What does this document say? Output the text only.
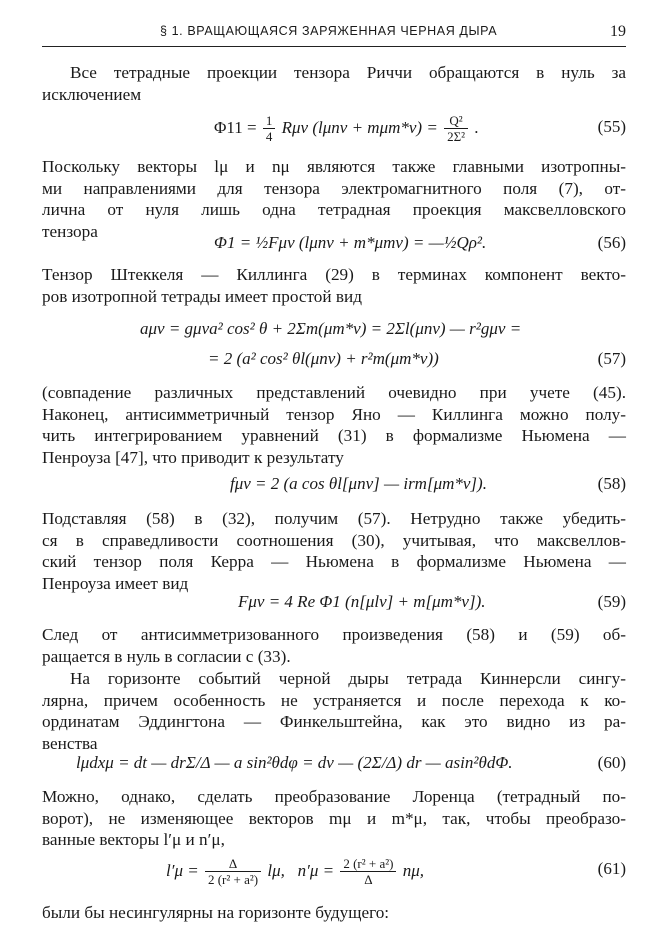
§ 1. ВРАЩАЮЩАЯСЯ ЗАРЯЖЕННАЯ ЧЕРНАЯ ДЫРА	19
Все тетрадные проекции тензора Риччи обращаются в нуль за
исключением
$\Phi 11 = \frac{1}{4}$ Rμν $(l\mu n\nu + m\mu m*\nu) = \frac{\text{Q²}}{\text{2Σ²}}$ .	(55)
Поскольку векторы lμ и nμ являются также главными изотропны-
ми направлениями для тензора электромагнитного поля (7), от-
лична от нуля лишь одна тетрадная проекция максвелловского
тензора
Φ1 = ½Fμν (lμnν + m*μmν) = —½Qρ².	(56)
Тензор Штеккеля — Киллинга (29) в терминах компонент векто-
ров изотропной тетрады имеет простой вид
aμν = gμνa² cos² θ + 2Σm(μm*ν) = 2Σl(μnν) — r²gμν =
= 2 (a² cos² θl(μnν) + r²m(μm*ν))	(57)
(совпадение различных представлений очевидно при учете (45).
Наконец, антисимметричный тензор Яно — Киллинга можно полу-
чить интегрированием уравнений (31) в формализме Ньюмена —
Пенроуза [47], что приводит к результату
fμν = 2 (a cos θl[μnν] — irm[μm*ν]).	(58)
Подставляя (58) в (32), получим (57). Нетрудно также убедить-
ся в справедливости соотношения (30), учитывая, что максвеллов-
ский тензор поля Керра — Ньюмена в формализме Ньюмена —
Пенроуза имеет вид
Fμν = 4 Re Φ1 (n[μlν] + m[μm*ν]).	(59)
След от антисимметризованного произведения (58) и (59) об-
ращается в нуль в согласии с (33).
На горизонте событий черной дыры тетрада Киннерсли сингу-
лярна, причем особенность не устраняется и после перехода к ко-
ординатам Эддингтона — Финкельштейна, как это видно из ра-
венства
lμdxμ = dt — drΣ/Δ — a sin²θdφ = dv — (2Σ/Δ) dr — asin²θdΦ.	(60)
Можно, однако, сделать преобразование Лоренца (тетрадный по-
ворот), не изменяющее векторов mμ и m*μ, так, чтобы преобразо-
ванные векторы l′μ и n′μ,
$l'\mu = \frac{\Delta}{\text{2 (r² + a²)}} l\mu$, $n'\mu = \frac{\text{2 (r² + a²)}}{\Delta} n\mu$,	(61)
были бы несингулярны на горизонте будущего:
